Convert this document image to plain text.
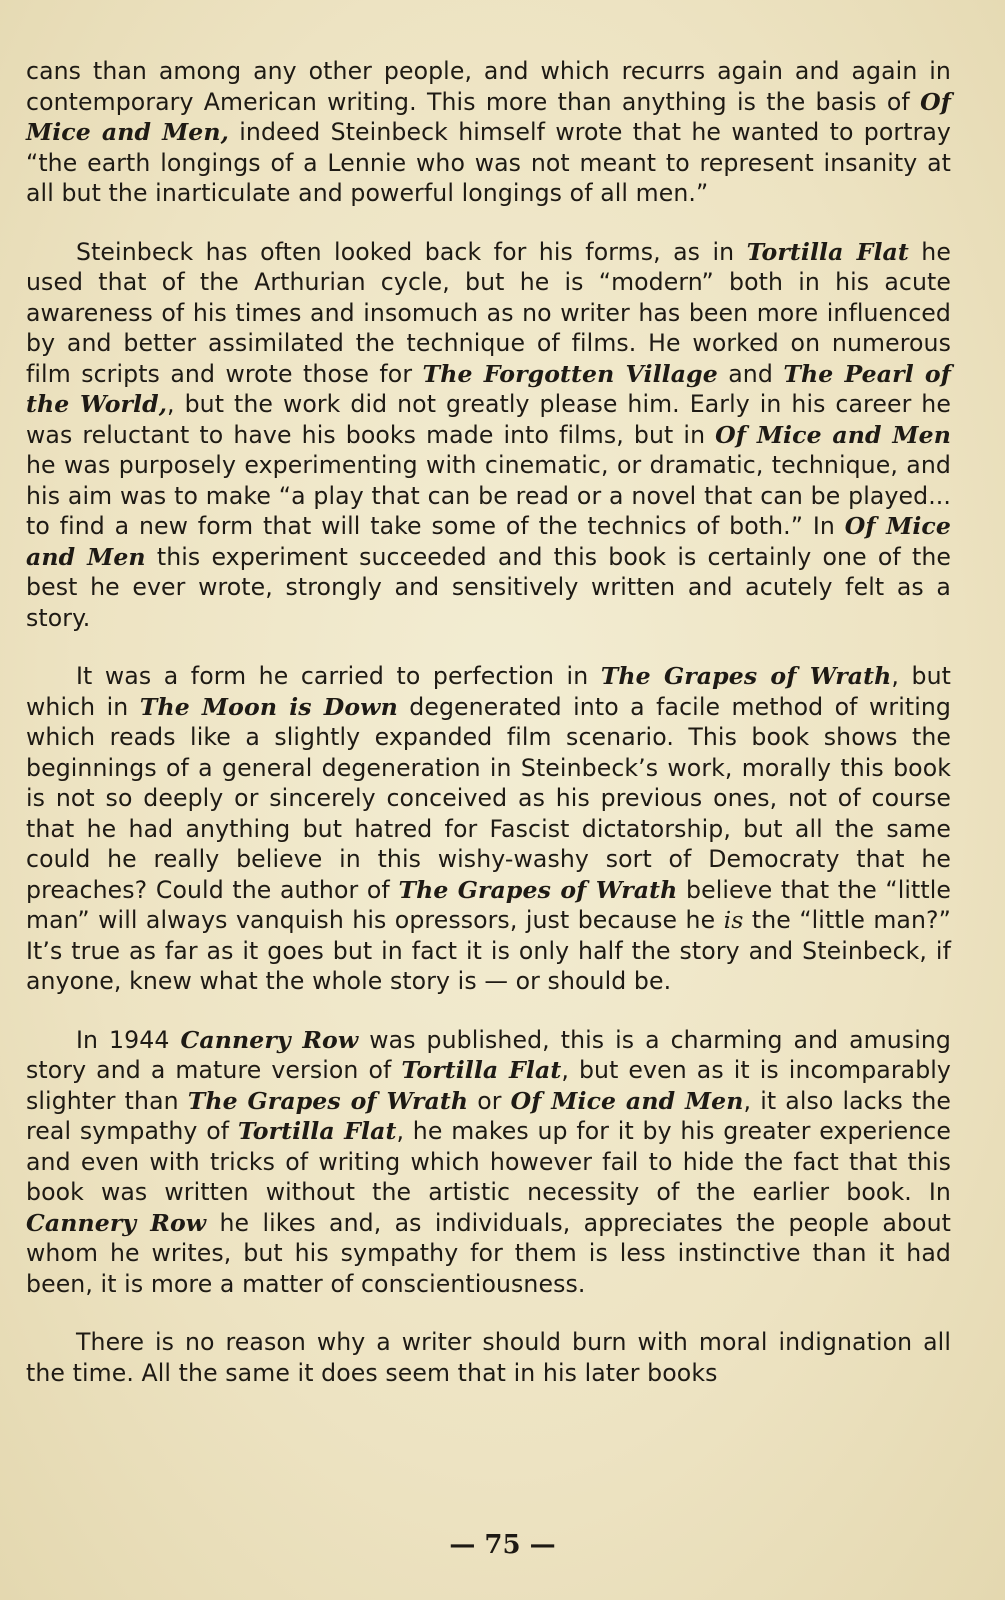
cans than among any other people, and which recurrs again and again in contemporary American writing. This more than anything is the basis of Of Mice and Men, indeed Steinbeck himself wrote that he wanted to portray “the earth longings of a Lennie who was not meant to represent insanity at all but the inarticulate and powerful longings of all men.”

Steinbeck has often looked back for his forms, as in Tortilla Flat he used that of the Arthurian cycle, but he is “modern” both in his acute awareness of his times and insomuch as no writer has been more influenced by and better assimilated the technique of films. He worked on numerous film scripts and wrote those for The Forgotten Village and The Pearl of the World,, but the work did not greatly please him. Early in his career he was reluctant to have his books made into films, but in Of Mice and Men he was purposely experimenting with cinematic, or dramatic, technique, and his aim was to make “a play that can be read or a novel that can be played... to find a new form that will take some of the technics of both.” In Of Mice and Men this experiment succeeded and this book is certainly one of the best he ever wrote, strongly and sensitively written and acutely felt as a story.

It was a form he carried to perfection in The Grapes of Wrath, but which in The Moon is Down degenerated into a facile method of writing which reads like a slightly expanded film scenario. This book shows the beginnings of a general degeneration in Steinbeck’s work, morally this book is not so deeply or sincerely conceived as his previous ones, not of course that he had anything but hatred for Fascist dictatorship, but all the same could he really believe in this wishy-washy sort of Democraty that he preaches? Could the author of The Grapes of Wrath believe that the “little man” will always vanquish his opressors, just because he is the “little man?” It’s true as far as it goes but in fact it is only half the story and Steinbeck, if anyone, knew what the whole story is — or should be.

In 1944 Cannery Row was published, this is a charming and amusing story and a mature version of Tortilla Flat, but even as it is incomparably slighter than The Grapes of Wrath or Of Mice and Men, it also lacks the real sympathy of Tortilla Flat, he makes up for it by his greater experience and even with tricks of writing which however fail to hide the fact that this book was written without the artistic necessity of the earlier book. In Cannery Row he likes and, as individuals, appreciates the people about whom he writes, but his sympathy for them is less instinctive than it had been, it is more a matter of conscientiousness.

There is no reason why a writer should burn with moral indignation all the time. All the same it does seem that in his later books

— 75 —
